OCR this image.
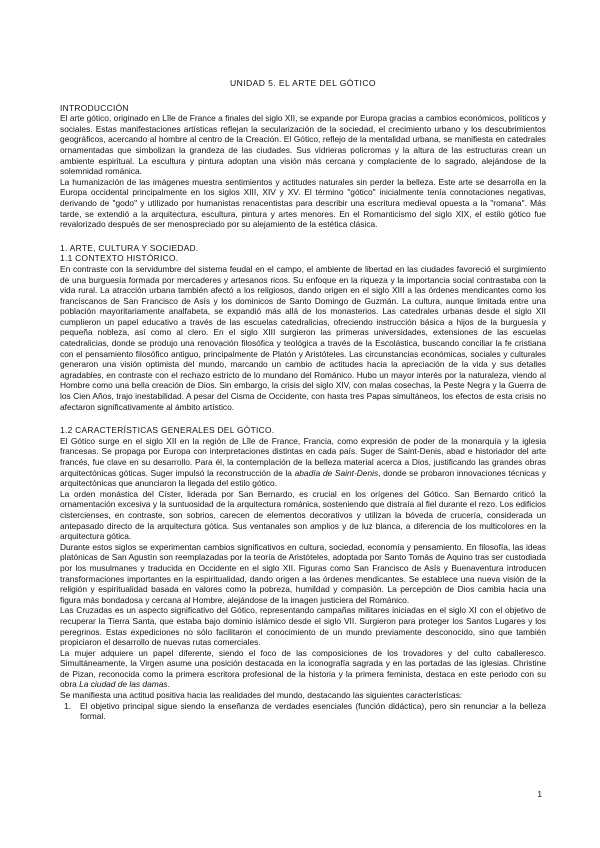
UNIDAD 5. EL ARTE DEL GÓTICO

INTRODUCCIÓN

El arte gótico, originado en Lîle de France a finales del siglo XII, se expande por Europa gracias a cambios económicos, políticos y sociales. Estas manifestaciones artísticas reflejan la secularización de la sociedad, el crecimiento urbano y los descubrimientos geográficos, acercando al hombre al centro de la Creación. El Gótico, reflejo de la mentalidad urbana, se manifiesta en catedrales ornamentadas que simbolizan la grandeza de las ciudades. Sus vidrieras policromas y la altura de las estructuras crean un ambiente espiritual. La escultura y pintura adoptan una visión más cercana y complaciente de lo sagrado, alejándose de la solemnidad románica.

La humanización de las imágenes muestra sentimientos y actitudes naturales sin perder la belleza. Este arte se desarrolla en la Europa occidental principalmente en los siglos XIII, XIV y XV. El término "gótico" inicialmente tenía connotaciones negativas, derivando de "godo" y utilizado por humanistas renacentistas para describir una escritura medieval opuesta a la "romana". Más tarde, se extendió a la arquitectura, escultura, pintura y artes menores. En el Romanticismo del siglo XIX, el estilo gótico fue revalorizado después de ser menospreciado por su alejamiento de la estética clásica.

1. ARTE, CULTURA Y SOCIEDAD.

1.1 CONTEXTO HISTÓRICO.

En contraste con la servidumbre del sistema feudal en el campo, el ambiente de libertad en las ciudades favoreció el surgimiento de una burguesía formada por mercaderes y artesanos ricos. Su enfoque en la riqueza y la importancia social contrastaba con la vida rural. La atracción urbana también afectó a los religiosos, dando origen en el siglo XIII a las órdenes mendicantes como los franciscanos de San Francisco de Asís y los dominicos de Santo Domingo de Guzmán. La cultura, aunque limitada entre una población mayoritariamente analfabeta, se expandió más allá de los monasterios. Las catedrales urbanas desde el siglo XII cumplieron un papel educativo a través de las escuelas catedralicias, ofreciendo instrucción básica a hijos de la burguesía y pequeña nobleza, así como al clero. En el siglo XIII surgieron las primeras universidades, extensiones de las escuelas catedralicias, donde se produjo una renovación filosófica y teológica a través de la Escolástica, buscando conciliar la fe cristiana con el pensamiento filosófico antiguo, principalmente de Platón y Aristóteles. Las circunstancias económicas, sociales y culturales generaron una visión optimista del mundo, marcando un cambio de actitudes hacia la apreciación de la vida y sus detalles agradables, en contraste con el rechazo estricto de lo mundano del Románico. Hubo un mayor interés por la naturaleza, viendo al Hombre como una bella creación de Dios. Sin embargo, la crisis del siglo XIV, con malas cosechas, la Peste Negra y la Guerra de los Cien Años, trajo inestabilidad. A pesar del Cisma de Occidente, con hasta tres Papas simultáneos, los efectos de esta crisis no afectaron significativamente al ámbito artístico.

1.2 CARACTERÍSTICAS GENERALES DEL GÓTICO.

El Gótico surge en el siglo XII en la región de Lîle de France, Francia, como expresión de poder de la monarquía y la iglesia francesas. Se propaga por Europa con interpretaciones distintas en cada país. Suger de Saint-Denis, abad e historiador del arte francés, fue clave en su desarrollo. Para él, la contemplación de la belleza material acerca a Dios, justificando las grandes obras arquitectónicas góticas. Suger impulsó la reconstrucción de la abadía de Saint-Denis, donde se probaron innovaciones técnicas y arquitectónicas que anunciaron la llegada del estilo gótico.

La orden monástica del Císter, liderada por San Bernardo, es crucial en los orígenes del Gótico. San Bernardo criticó la ornamentación excesiva y la suntuosidad de la arquitectura románica, sosteniendo que distraía al fiel durante el rezo. Los edificios cistercienses, en contraste, son sobrios, carecen de elementos decorativos y utilizan la bóveda de crucería, considerada un antepasado directo de la arquitectura gótica. Sus ventanales son amplios y de luz blanca, a diferencia de los multicolores en la arquitectura gótica.

Durante estos siglos se experimentan cambios significativos en cultura, sociedad, economía y pensamiento. En filosofía, las ideas platónicas de San Agustín son reemplazadas por la teoría de Aristóteles, adoptada por Santo Tomás de Aquino tras ser custodiada por los musulmanes y traducida en Occidente en el siglo XII. Figuras como San Francisco de Asís y Buenaventura introducen transformaciones importantes en la espiritualidad, dando origen a las órdenes mendicantes. Se establece una nueva visión de la religión y espiritualidad basada en valores como la pobreza, humildad y compasión. La percepción de Dios cambia hacia una figura más bondadosa y cercana al Hombre, alejándose de la imagen justiciera del Románico.

Las Cruzadas es un aspecto significativo del Gótico, representando campañas militares iniciadas en el siglo XI con el objetivo de recuperar la Tierra Santa, que estaba bajo dominio islámico desde el siglo VII. Surgieron para proteger los Santos Lugares y los peregrinos. Estas expediciones no sólo facilitaron el conocimiento de un mundo previamente desconocido, sino que también propiciaron el desarrollo de nuevas rutas comerciales.

La mujer adquiere un papel diferente, siendo el foco de las composiciones de los trovadores y del culto caballeresco. Simultáneamente, la Virgen asume una posición destacada en la iconografía sagrada y en las portadas de las iglesias. Christine de Pizan, reconocida como la primera escritora profesional de la historia y la primera feminista, destaca en este periodo con su obra La ciudad de las damas.

Se manifiesta una actitud positiva hacia las realidades del mundo, destacando las siguientes características:

1. El objetivo principal sigue siendo la enseñanza de verdades esenciales (función didáctica), pero sin renunciar a la belleza formal.
1
